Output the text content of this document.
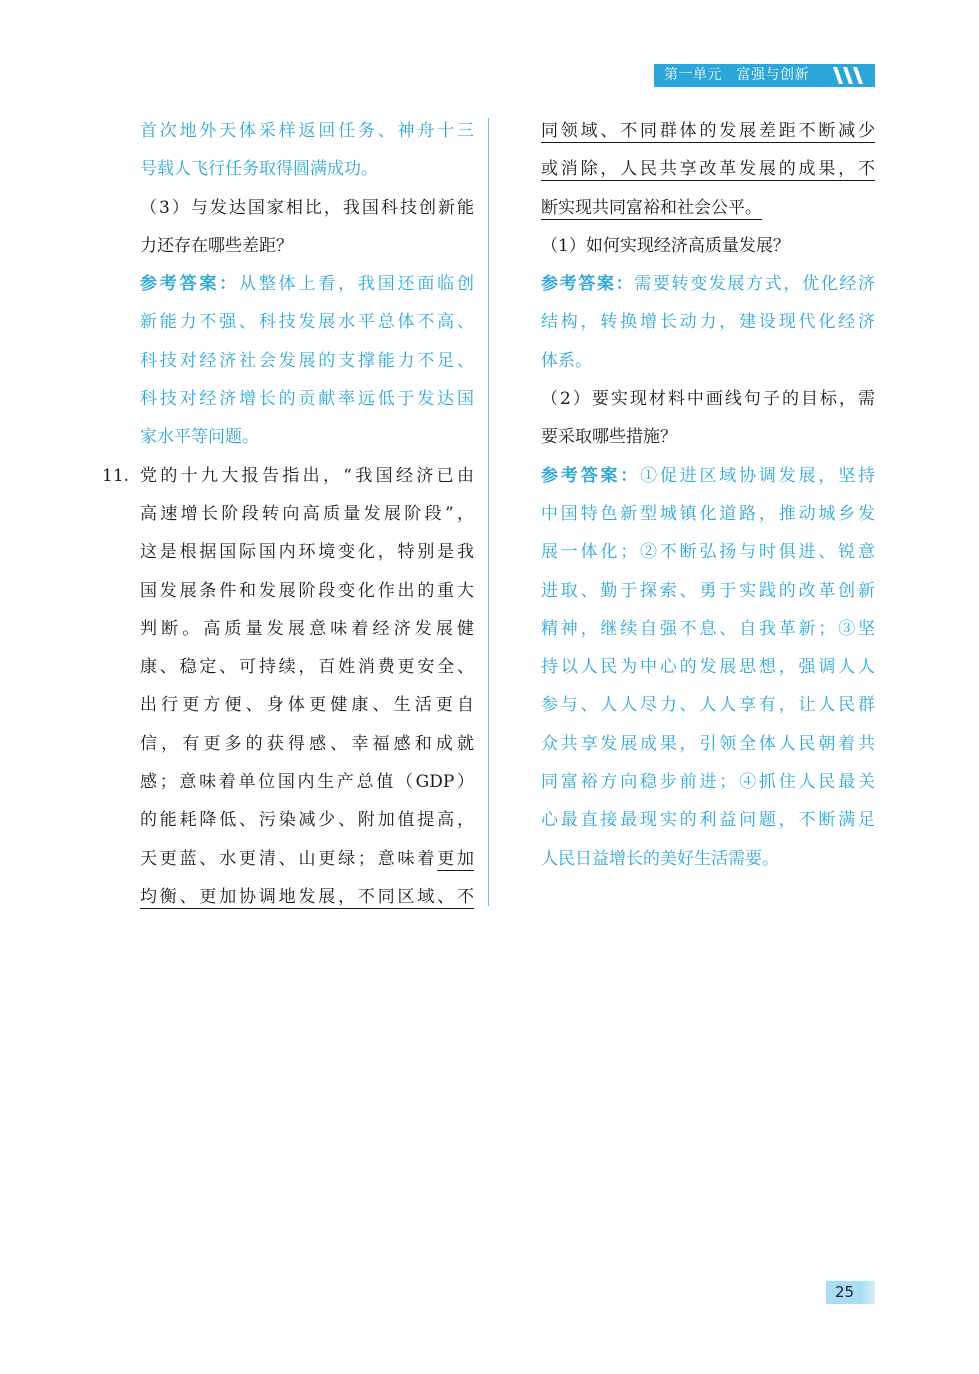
第一单元　富强与创新

首次地外天体采样返回任务、神舟十三

号载人飞行任务取得圆满成功。

（3）与发达国家相比，我国科技创新能

力还存在哪些差距？

参考答案：从整体上看，我国还面临创

新能力不强、科技发展水平总体不高、

科技对经济社会发展的支撑能力不足、

科技对经济增长的贡献率远低于发达国

家水平等问题。

11. 党的十九大报告指出，“我国经济已由

高速增长阶段转向高质量发展阶段”，

这是根据国际国内环境变化，特别是我

国发展条件和发展阶段变化作出的重大

判断。高质量发展意味着经济发展健

康、稳定、可持续，百姓消费更安全、

出行更方便、身体更健康、生活更自

信，有更多的获得感、幸福感和成就

感；意味着单位国内生产总值（GDP）

的能耗降低、污染减少、附加值提高，

天更蓝、水更清、山更绿；意味着更加

均衡、更加协调地发展，不同区域、不

同领域、不同群体的发展差距不断减少

或消除，人民共享改革发展的成果，不

断实现共同富裕和社会公平。

（1）如何实现经济高质量发展？

参考答案：需要转变发展方式，优化经济

结构，转换增长动力，建设现代化经济

体系。

（2）要实现材料中画线句子的目标，需

要采取哪些措施？

参考答案：①促进区域协调发展，坚持

中国特色新型城镇化道路，推动城乡发

展一体化；②不断弘扬与时俱进、锐意

进取、勤于探索、勇于实践的改革创新

精神，继续自强不息、自我革新；③坚

持以人民为中心的发展思想，强调人人

参与、人人尽力、人人享有，让人民群

众共享发展成果，引领全体人民朝着共

同富裕方向稳步前进；④抓住人民最关

心最直接最现实的利益问题，不断满足

人民日益增长的美好生活需要。

25
